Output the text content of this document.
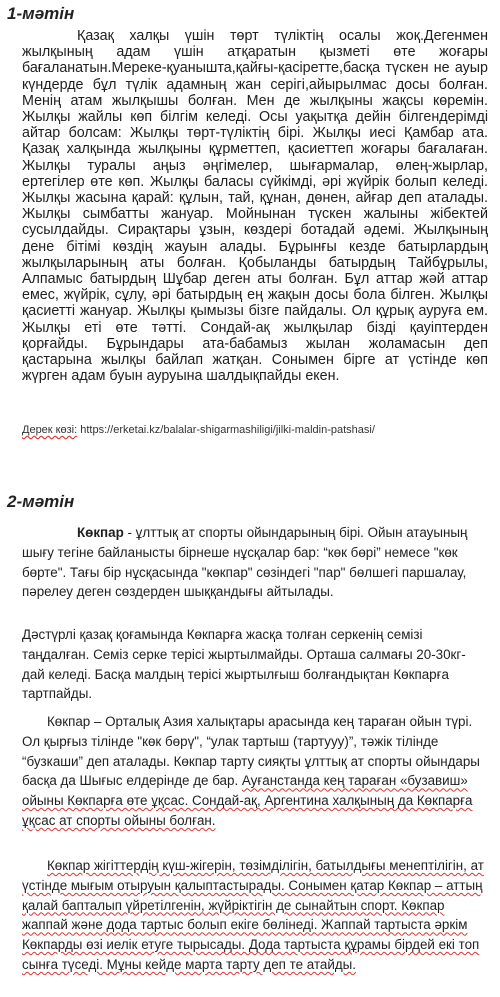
1-мәтін
Қазақ халқы үшін төрт түліктің осалы жоқ.Дегенмен жылқының адам үшін атқаратын қызметі өте жоғары бағаланатын.Мереке-қуанышта,қайғы-қасіретте,басқа түскен не ауыр күндерде бұл түлік адамның жан серігі,айырылмас досы болған. Менің атам жылқышы болған. Мен де жылқыны жақсы көремін. Жылқы жайлы көп білгім келеді. Осы уақытқа дейін білгендерімді айтар болсам: Жылқы төрт-түліктің бірі. Жылқы иесі Қамбар ата. Қазақ халқында жылқыны құрметтеп, қасиеттеп жоғары бағалаған. Жылқы туралы аңыз әңгімелер, шығармалар, өлең-жырлар, ертегілер өте көп. Жылқы баласы сүйкімді, әрі жүйрік болып келеді. Жылқы жасына қарай: құлын, тай, құнан, дөнен, айғар деп аталады. Жылқы сымбатты жануар. Мойнынан түскен жалыны жібектей сусылдайды. Сирақтары ұзын, көздері ботадай әдемі. Жылқының дене бітімі көздің жауын алады. Бұрынғы кезде батырлардың жылқыларының аты болған. Қобыланды батырдың Тайбұрылы, Алпамыс батырдың Шұбар деген аты болған. Бұл аттар жәй аттар емес, жүйрік, сұлу, әрі батырдың ең жақын досы бола білген. Жылқы қасиетті жануар. Жылқы қымызы бізге пайдалы. Ол құрық ауруға ем. Жылқы еті өте тәтті. Сондай-ақ жылқылар бізді қауіптерден қорғайды. Бұрындары ата-бабамыз жылан жоламасын деп қастарына жылқы байлап жатқан. Сонымен бірге ат үстінде көп жүрген адам буын ауруына шалдықпайды екен.
Дерек көзі: https://erketai.kz/balalar-shigarmashiligi/jilki-maldin-patshasi/
2-мәтін

Көкпар - ұлттық ат спорты ойындарының бірі. Ойын атауының шығу тегіне байланысты бірнеше нұсқалар бар: “көк бөрі” немесе "көк бөрте". Тағы бір нұсқасында "көкпар" сөзіндегі "пар" бөлшегі паршалау, пәрелеу деген сөздерден шыққандығы айтылады.

Дәстүрлі қазақ қоғамында Көкпарға жасқа толған серкенің семізі таңдалған. Семіз серке терісі жыртылмайды. Орташа салмағы 20-30кг-дай келеді. Басқа малдың терісі жыртылғыш болғандықтан Көкпарға тартпайды.

Көкпар – Орталық Азия халықтары арасында кең тараған ойын түрі. Ол қырғыз тілінде "көк бөрү", “улак тартыш (тартууу)”, тәжік тілінде “бузкаши” деп аталады. Көкпар тарту сияқты ұлттық ат спорты ойындары басқа да Шығыс елдерінде де бар. Ауғанстанда кең тараған «бузавиш» ойыны Көкпарға өте ұқсас. Сондай-ақ, Аргентина халқының да Көкпарға ұқсас ат спорты ойыны болған.

Көкпар жігіттердің күш-жігерін, төзімділігін, батылдығы менептілігін, ат үстінде мығым отыруын қалыптастырады. Сонымен қатар Көкпар – аттың қалай бапталып үйретілгенін, жүйріктігін де сынайтын спорт. Көкпар жаппай және дода тартыс болып екіге бөлінеді. Жаппай тартыста әркім Көкпарды өзі иелік етуге тырысады. Дода тартыста құрамы бірдей екі топ сынға түседі. Мұны кейде марта тарту деп те атайды.
